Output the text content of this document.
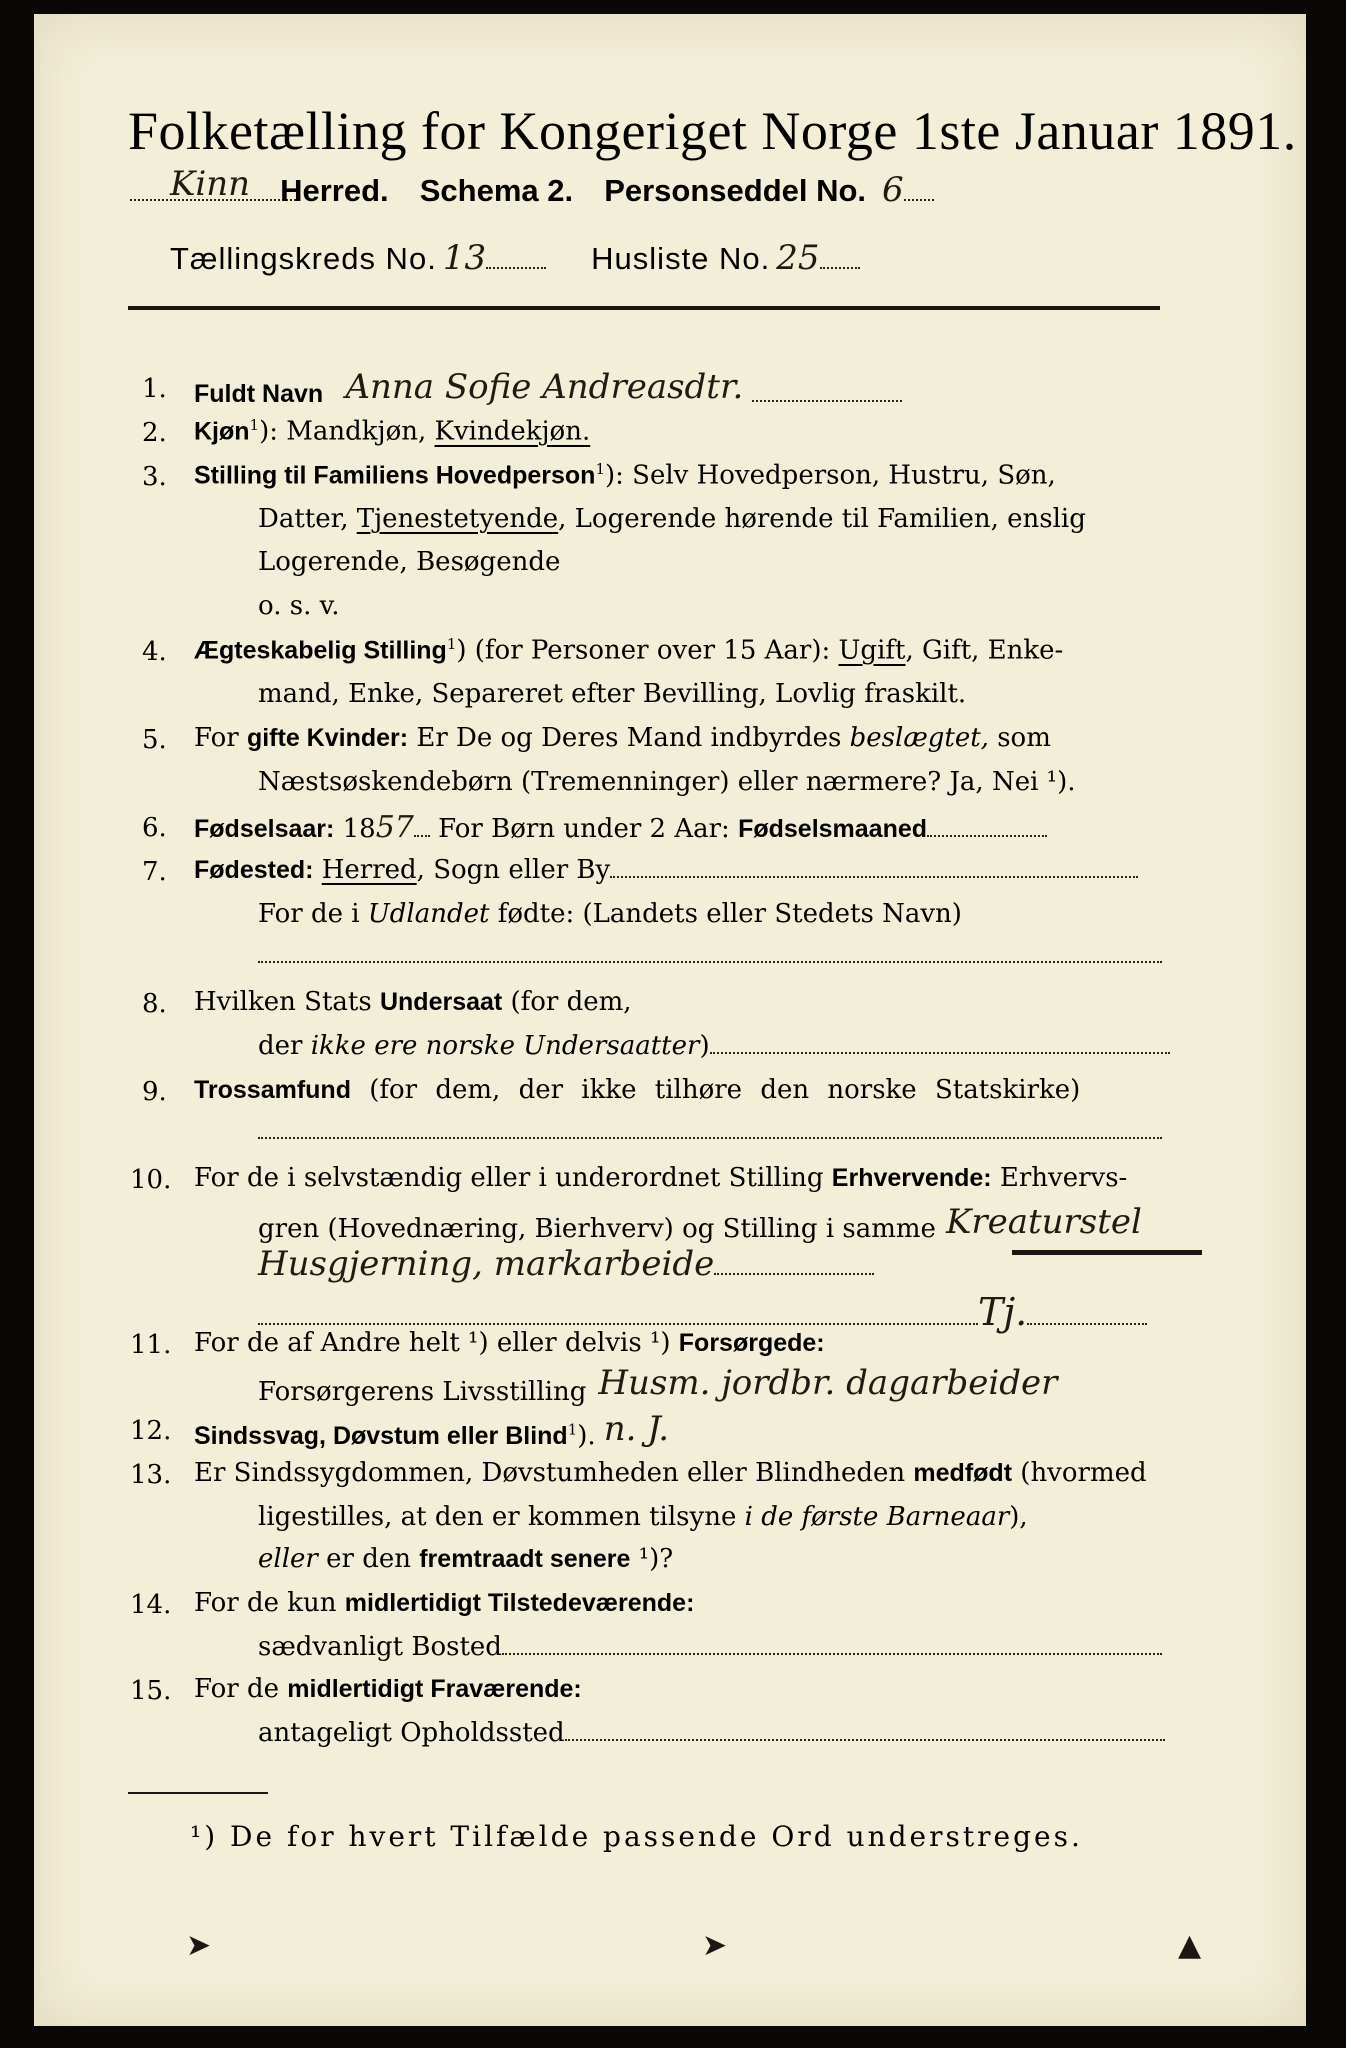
Folketælling for Kongeriget Norge 1ste Januar 1891.
Kinn Herred. Schema 2. Personseddel No. 6
Tællingskreds No. 13	Husliste No. 25
1. Fuldt Navn Anna Sofie Andreasdtr.
2. Kjøn$^1$): Mandkjøn, Kvindekjøn.
3. Stilling til Familiens Hovedperson$^1$): Selv Hovedperson, Hustru, Søn,
Datter, Tjenestetyende, Logerende hørende til Familien, enslig
Logerende, Besøgende
o. s. v.
4. Ægteskabelig Stilling$^1$) (for Personer over 15 Aar): Ugift, Gift, Enke-
mand, Enke, Separeret efter Bevilling, Lovlig fraskilt.
5. For gifte Kvinder: Er De og Deres Mand indbyrdes beslægtet, som
Næstsøskendebørn (Tremenninger) eller nærmere? Ja, Nei ¹).
6. Fødselsaar: 1857 For Børn under 2 Aar: Fødselsmaaned
7. Fødested: Herred, Sogn eller By
For de i Udlandet fødte: (Landets eller Stedets Navn)
8. Hvilken Stats Undersaat (for dem,
der ikke ere norske Undersaatter)
9. Trossamfund (for dem, der ikke tilhøre den norske Statskirke)
10. For de i selvstændig eller i underordnet Stilling Erhvervende: Erhvervs-
gren (Hovednæring, Bierhverv) og Stilling i samme Kreaturstel
Husgjerning, markarbeide
Tj.
11. For de af Andre helt ¹) eller delvis ¹) Forsørgede:
Forsørgerens Livsstilling Husm. jordbr. dagarbeider
12. Sindssvag, Døvstum eller Blind$^1$). n. J.
13. Er Sindssygdommen, Døvstumheden eller Blindheden medfødt (hvormed
ligestilles, at den er kommen tilsyne i de første Barneaar),
eller er den fremtraadt senere ¹)?
14. For de kun midlertidigt Tilstedeværende:
sædvanligt Bosted
15. For de midlertidigt Fraværende:
antageligt Opholdssted
¹) De for hvert Tilfælde passende Ord understreges.
➤	➤	▲
